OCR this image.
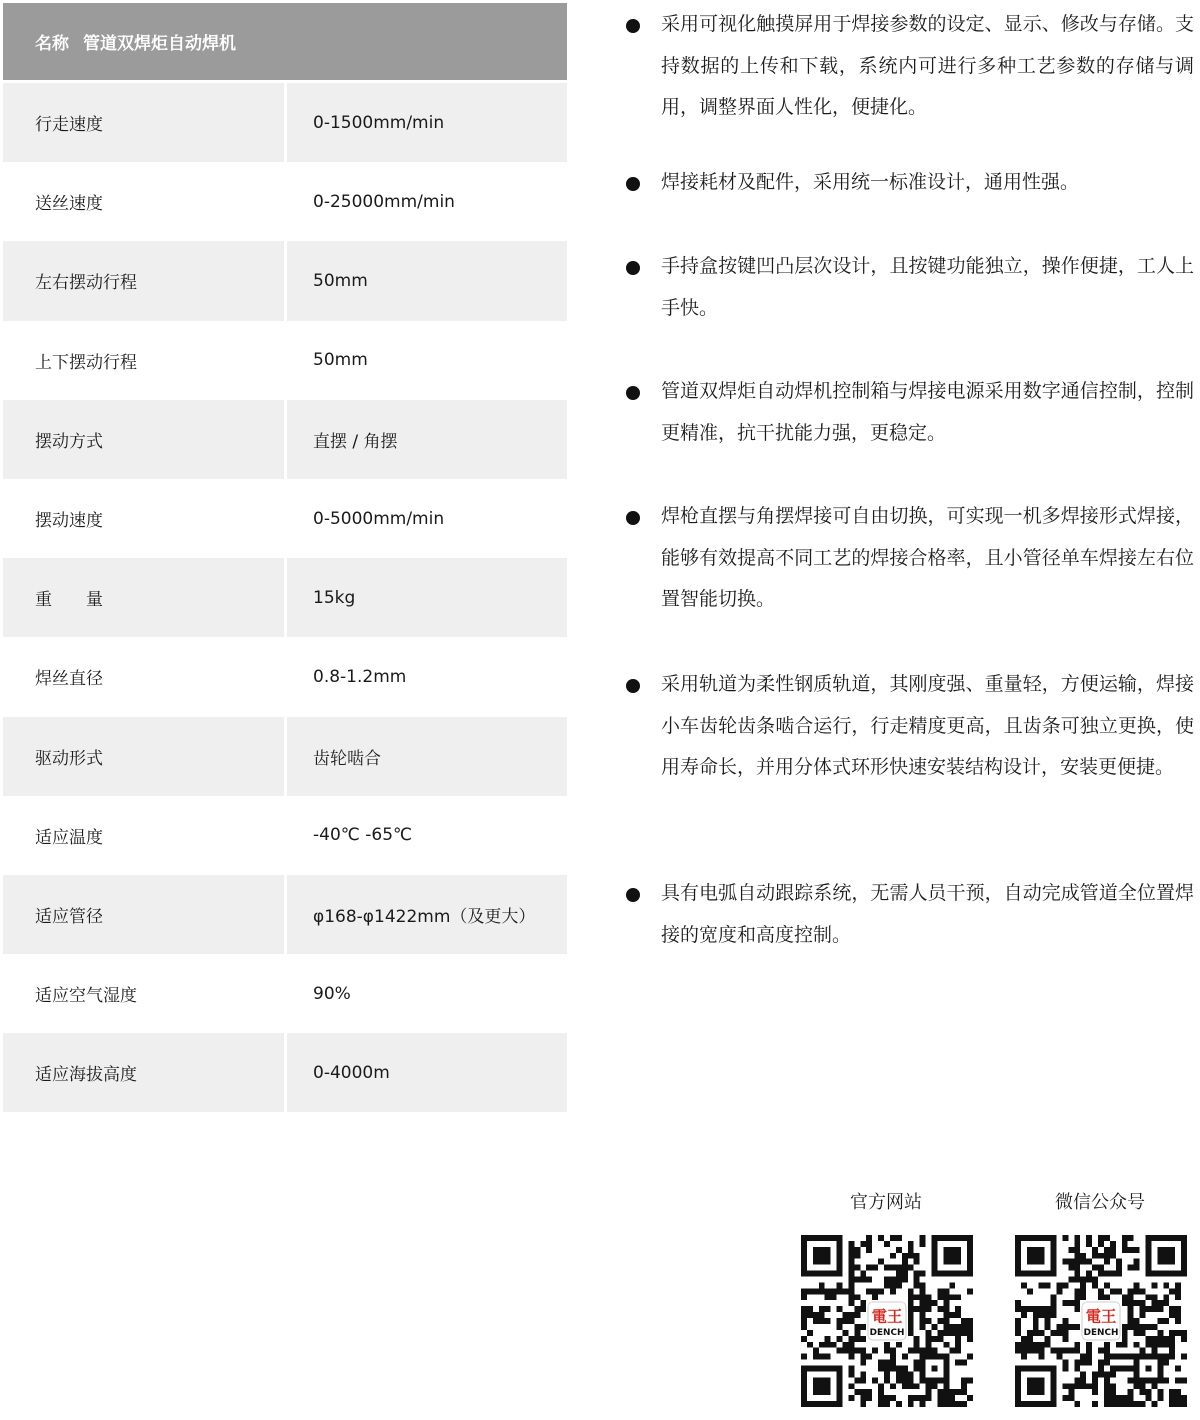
名称 管道双焊炬自动焊机
行走速度	0-1500mm/min
送丝速度	0-25000mm/min
左右摆动行程	50mm
上下摆动行程	50mm
摆动方式	直摆 / 角摆
摆动速度	0-5000mm/min
重　　量	15kg
焊丝直径	0.8-1.2mm
驱动形式	齿轮啮合
适应温度	-40℃ -65℃
适应管径	φ168-φ1422mm（及更大）
适应空气湿度	90%
适应海拔高度	0-4000m
采用可视化触摸屏用于焊接参数的设定、显示、修改与存储。支持数据的上传和下载，系统内可进行多种工艺参数的存储与调用，调整界面人性化，便捷化。
焊接耗材及配件，采用统一标准设计，通用性强。
手持盒按键凹凸层次设计，且按键功能独立，操作便捷，工人上手快。
管道双焊炬自动焊机控制箱与焊接电源采用数字通信控制，控制更精准，抗干扰能力强，更稳定。
焊枪直摆与角摆焊接可自由切换，可实现一机多焊接形式焊接，能够有效提高不同工艺的焊接合格率，且小管径单车焊接左右位置智能切换。
采用轨道为柔性钢质轨道，其刚度强、重量轻，方便运输，焊接小车齿轮齿条啮合运行，行走精度更高，且齿条可独立更换，使用寿命长，并用分体式环形快速安装结构设计，安装更便捷。
具有电弧自动跟踪系统，无需人员干预，自动完成管道全位置焊接的宽度和高度控制。
官方网站
電王
DENCH
微信公众号
電王
DENCH
